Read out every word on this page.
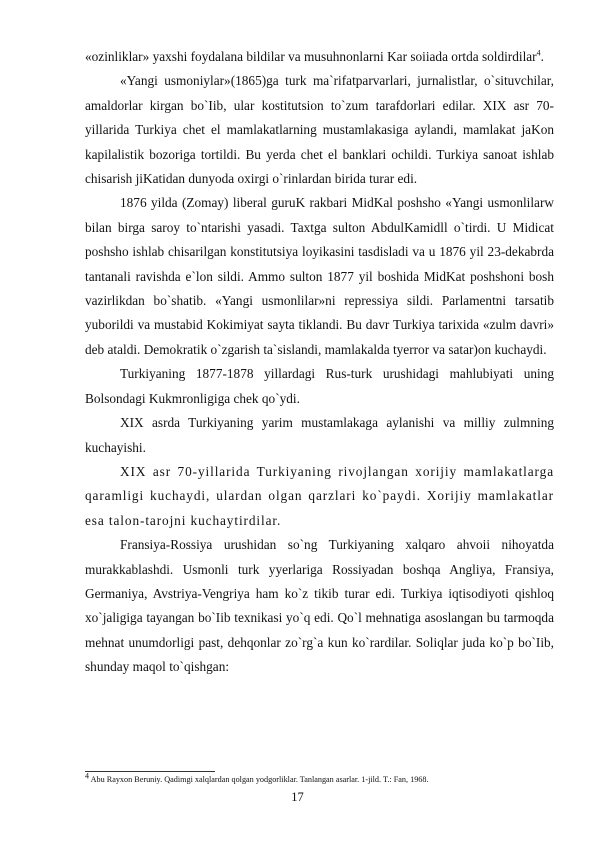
«ozinliklar» yaxshi foydalana bildilar va musuhnonlarni Kar soiiada ortda soldirdilar$^4$.

«Yangi usmoniylar»(1865)ga turk ma`rifatparvarlari, jurnalistlar, o`situvchilar, amaldorlar kirgan bo`Iib, ular kostitutsion to`zum tarafdorlari edilar. XIX asr 70-yillarida Turkiya chet el mamlakatlarning mustamlakasiga aylandi, mamlakat jaKon kapilalistik bozoriga tortildi. Bu yerda chet el banklari ochildi. Turkiya sanoat ishlab chisarish jiKatidan dunyoda oxirgi o`rinlardan birida turar edi.

1876 yilda (Zomay) liberal guruK rakbari MidKal poshsho «Yangi usmonlilarw bilan birga saroy to`ntarishi yasadi. Taxtga sulton AbdulKamidll o`tirdi. U Midicat poshsho ishlab chisarilgan konstitutsiya loyikasini tasdisladi va u 1876 yil 23-dekabrda tantanali ravishda e`lon sildi. Ammo sulton 1877 yil boshida MidKat poshshoni bosh vazirlikdan bo`shatib. «Yangi usmonlilar»ni repressiya sildi. Parlamentni tarsatib yuborildi va mustabid Kokimiyat sayta tiklandi. Bu davr Turkiya tarixida «zulm davri» deb ataldi. Demokratik o`zgarish ta`sislandi, mamlakalda tyerror va satar)on kuchaydi.

Turkiyaning 1877-1878 yillardagi Rus-turk urushidagi mahlubiyati uning Bolsondagi Kukmronligiga chek qo`ydi.

XIX asrda Turkiyaning yarim mustamlakaga aylanishi va milliy zulmning kuchayishi.

XIX asr 70-yillarida Turkiyaning rivojlangan xorijiy mamlakatlarga qaramligi kuchaydi, ulardan olgan qarzlari ko`paydi. Xorijiy mamlakatlar esa talon-tarojni kuchaytirdilar.

Fransiya-Rossiya urushidan so`ng Turkiyaning xalqaro ahvoii nihoyatda murakkablashdi. Usmonli turk yyerlariga Rossiyadan boshqa Angliya, Fransiya, Germaniya, Avstriya-Vengriya ham ko`z tikib turar edi. Turkiya iqtisodiyoti qishloq xo`jaligiga tayangan bo`Iib texnikasi yo`q edi. Qo`l mehnatiga asoslangan bu tarmoqda mehnat unumdorligi past, dehqonlar zo`rg`a kun ko`rardilar. Soliqlar juda ko`p bo`Iib, shunday maqol to`qishgan:

$^4$ Abu Rayxon Beruniy. Qadimgi xalqlardan qolgan yodgorliklar. Tanlangan asarlar. 1-jild. T.: Fan, 1968.
17
